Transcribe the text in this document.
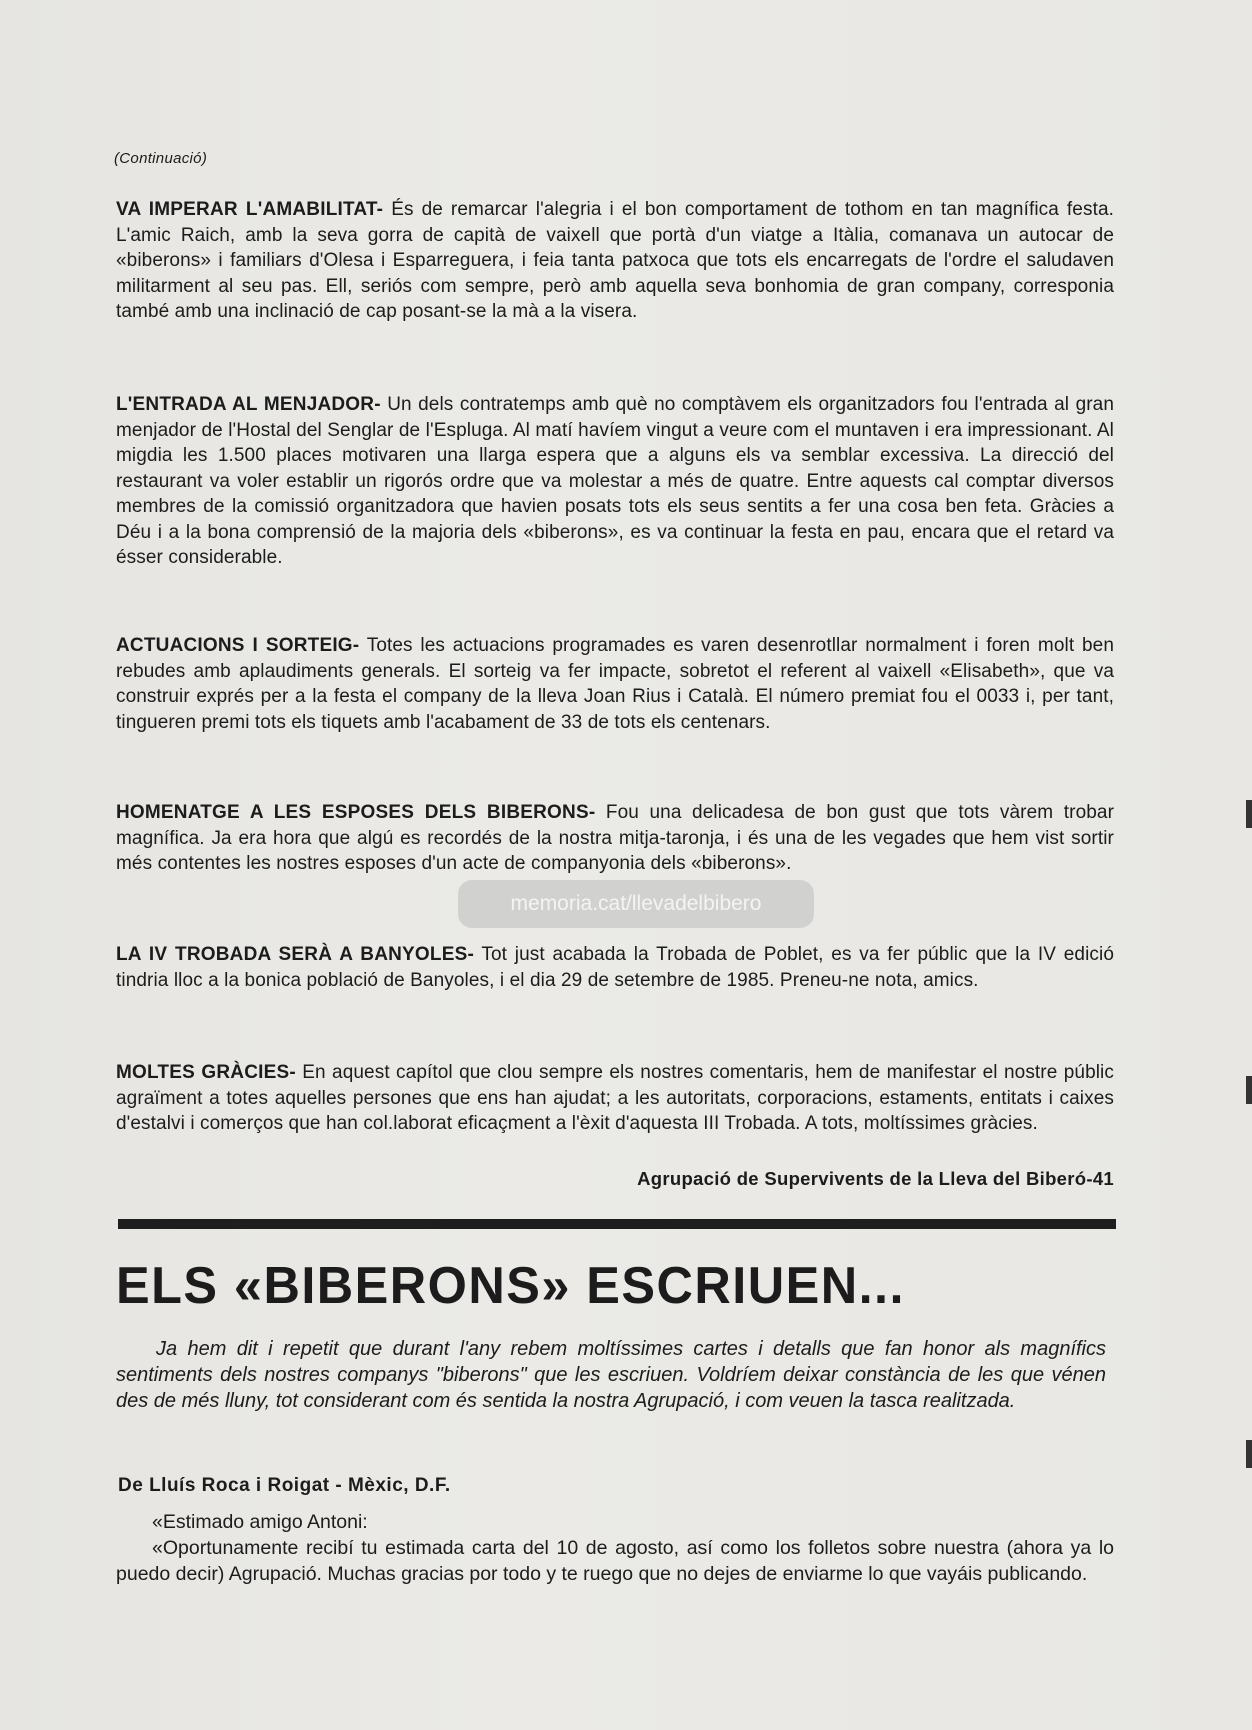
(Continuació)
VA IMPERAR L'AMABILITAT- És de remarcar l'alegria i el bon comportament de tothom en tan magnífica festa. L'amic Raich, amb la seva gorra de capità de vaixell que portà d'un viatge a Itàlia, comanava un autocar de «biberons» i familiars d'Olesa i Esparreguera, i feia tanta patxoca que tots els encarregats de l'ordre el saludaven militarment al seu pas. Ell, seriós com sempre, però amb aquella seva bonhomia de gran company, corresponia també amb una inclinació de cap posant-se la mà a la visera.
L'ENTRADA AL MENJADOR- Un dels contratemps amb què no comptàvem els organitzadors fou l'entrada al gran menjador de l'Hostal del Senglar de l'Espluga. Al matí havíem vingut a veure com el muntaven i era impressionant. Al migdia les 1.500 places motivaren una llarga espera que a alguns els va semblar excessiva. La direcció del restaurant va voler establir un rigorós ordre que va molestar a més de quatre. Entre aquests cal comptar diversos membres de la comissió organitzadora que havien posats tots els seus sentits a fer una cosa ben feta. Gràcies a Déu i a la bona comprensió de la majoria dels «biberons», es va continuar la festa en pau, encara que el retard va ésser considerable.
ACTUACIONS I SORTEIG- Totes les actuacions programades es varen desenrotllar normalment i foren molt ben rebudes amb aplaudiments generals. El sorteig va fer impacte, sobretot el referent al vaixell «Elisabeth», que va construir exprés per a la festa el company de la lleva Joan Rius i Català. El número premiat fou el 0033 i, per tant, tingueren premi tots els tiquets amb l'acabament de 33 de tots els centenars.
HOMENATGE A LES ESPOSES DELS BIBERONS- Fou una delicadesa de bon gust que tots vàrem trobar magnífica. Ja era hora que algú es recordés de la nostra mitja-taronja, i és una de les vegades que hem vist sortir més contentes les nostres esposes d'un acte de companyonia dels «biberons».
LA IV TROBADA SERÀ A BANYOLES- Tot just acabada la Trobada de Poblet, es va fer públic que la IV edició tindria lloc a la bonica població de Banyoles, i el dia 29 de setembre de 1985. Preneu-ne nota, amics.
MOLTES GRÀCIES- En aquest capítol que clou sempre els nostres comentaris, hem de manifestar el nostre públic agraïment a totes aquelles persones que ens han ajudat; a les autoritats, corporacions, estaments, entitats i caixes d'estalvi i comerços que han col.laborat eficaçment a l'èxit d'aquesta III Trobada. A tots, moltíssimes gràcies.
Agrupació de Supervivents de la Lleva del Biberó-41
ELS «BIBERONS» ESCRIUEN...
Ja hem dit i repetit que durant l'any rebem moltíssimes cartes i detalls que fan honor als magnífics sentiments dels nostres companys "biberons" que les escriuen. Voldríem deixar constància de les que vénen des de més lluny, tot considerant com és sentida la nostra Agrupació, i com veuen la tasca realitzada.
De Lluís Roca i Roigat - Mèxic, D.F.

«Estimado amigo Antoni:

«Oportunamente recibí tu estimada carta del 10 de agosto, así como los folletos sobre nuestra (ahora ya lo puedo decir) Agrupació. Muchas gracias por todo y te ruego que no dejes de enviarme lo que vayáis publicando.

memoria.cat/llevadelbibero
